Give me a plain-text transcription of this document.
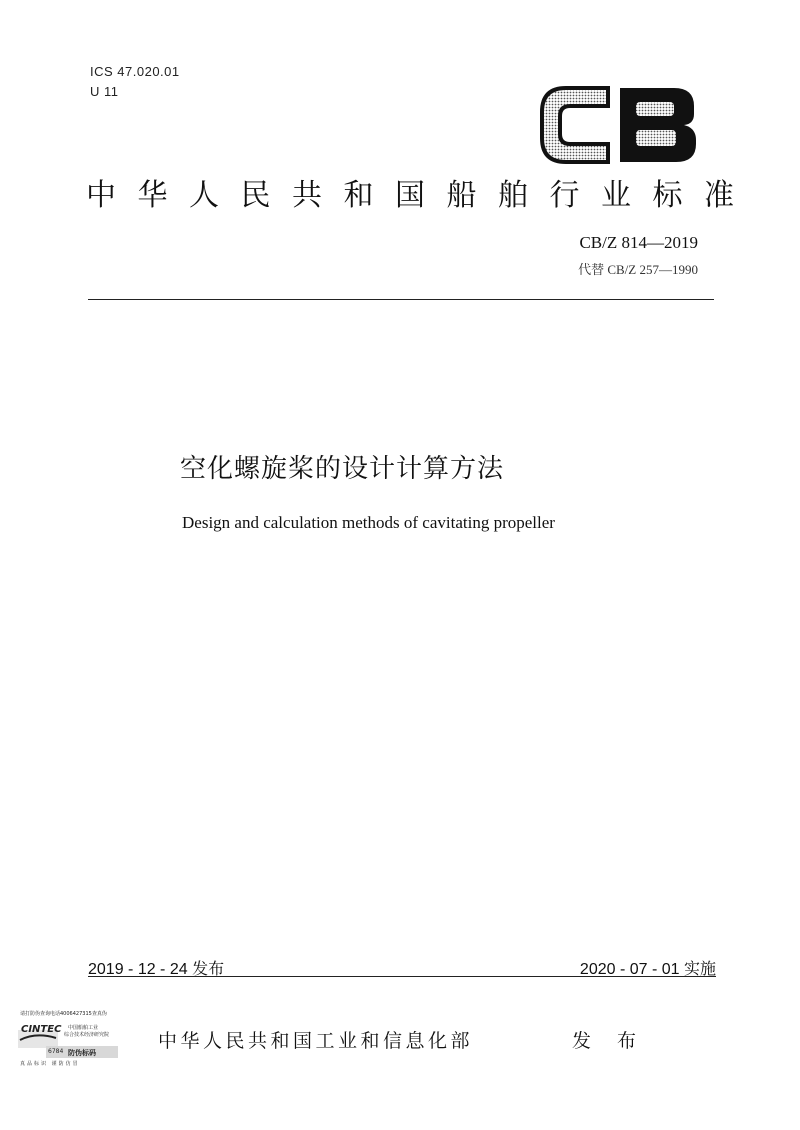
ICS 47.020.01
U 11
中华人民共和国船舶行业标准
CB/Z 814—2019
代替 CB/Z 257—1990
空化螺旋桨的设计计算方法
Design and calculation methods of cavitating propeller
2019 - 12 - 24 发布	2020 - 07 - 01 实施
请打防伪查询电话4006427315查真伪
CINTEC 中国船舶工业
综合技术经济研究院
6784 防伪标码
真品标识 谨防仿冒
中华人民共和国工业和信息化部	发 布
